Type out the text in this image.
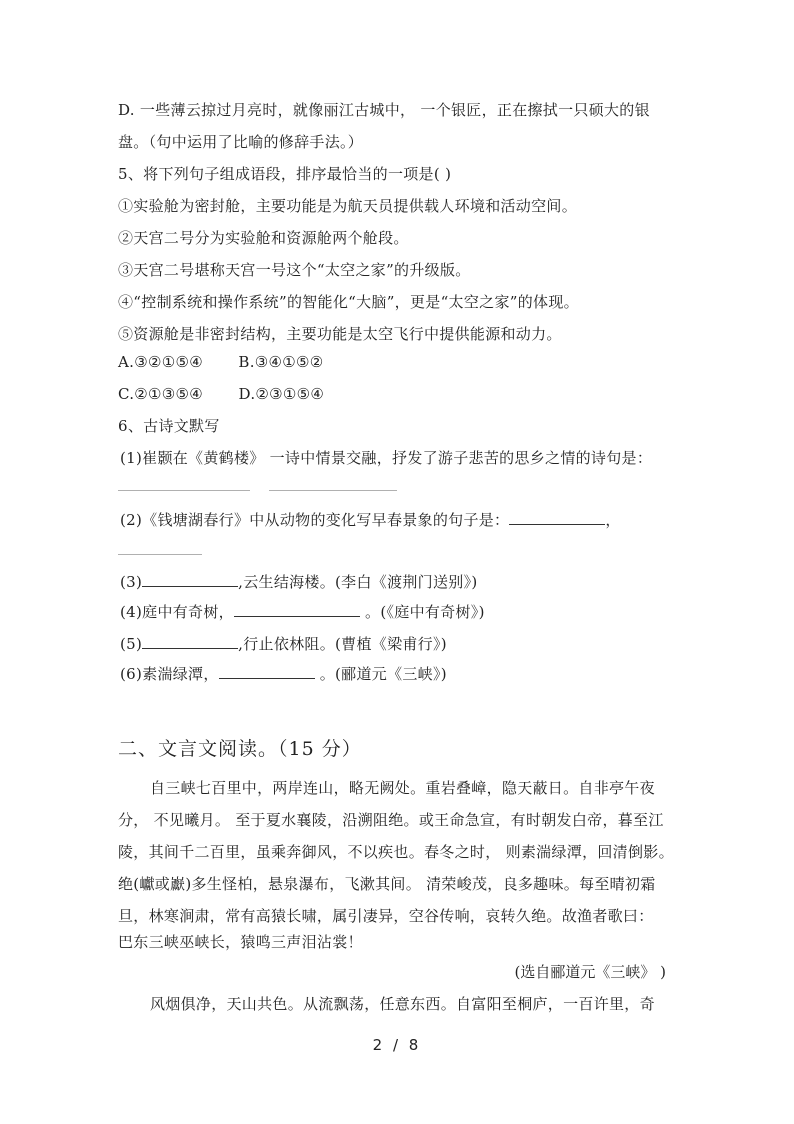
D. 一些薄云掠过月亮时，就像丽江古城中， 一个银匠，正在擦拭一只硕大的银
盘。（句中运用了比喻的修辞手法。）
5、将下列句子组成语段，排序最恰当的一项是( )
①实验舱为密封舱，主要功能是为航天员提供载人环境和活动空间。
②天宫二号分为实验舱和资源舱两个舱段。
③天宫二号堪称天宫一号这个“太空之家”的升级版。
④“控制系统和操作系统”的智能化“大脑”，更是“太空之家”的体现。
⑤资源舱是非密封结构，主要功能是太空飞行中提供能源和动力。
A.③②①⑤④       B.③④①⑤②
C.②①③⑤④       D.②③①⑤④
6、古诗文默写
(1)崔颢在《黄鹤楼》 一诗中情景交融，抒发了游子悲苦的思乡之情的诗句是：

(2)《钱塘湖春行》中从动物的变化写早春景象的句子是：	，
(3)	,云生结海楼。(李白《渡荆门送别》)
(4)庭中有奇树，	。(《庭中有奇树》)
(5)	,行止依林阻。(曹植《梁甫行》)
(6)素湍绿潭，	。(郦道元《三峡》)
二、文言文阅读。（15 分）
自三峡七百里中，两岸连山，略无阙处。重岩叠嶂，隐天蔽日。自非亭午夜
分， 不见曦月。 至于夏水襄陵，沿溯阻绝。或王命急宣，有时朝发白帝，暮至江
陵，其间千二百里，虽乘奔御风，不以疾也。春冬之时， 则素湍绿潭，回清倒影。
绝(巘或巚)多生怪柏，悬泉瀑布，飞漱其间。 清荣峻茂，良多趣味。每至晴初霜
旦，林寒涧肃，常有高猿长啸，属引凄异，空谷传响，哀转久绝。故渔者歌曰：
巴东三峡巫峡长，猿鸣三声泪沾裳！
(选自郦道元《三峡》 )
风烟俱净，天山共色。从流飘荡，任意东西。自富阳至桐庐，一百许里，奇
2 / 8
